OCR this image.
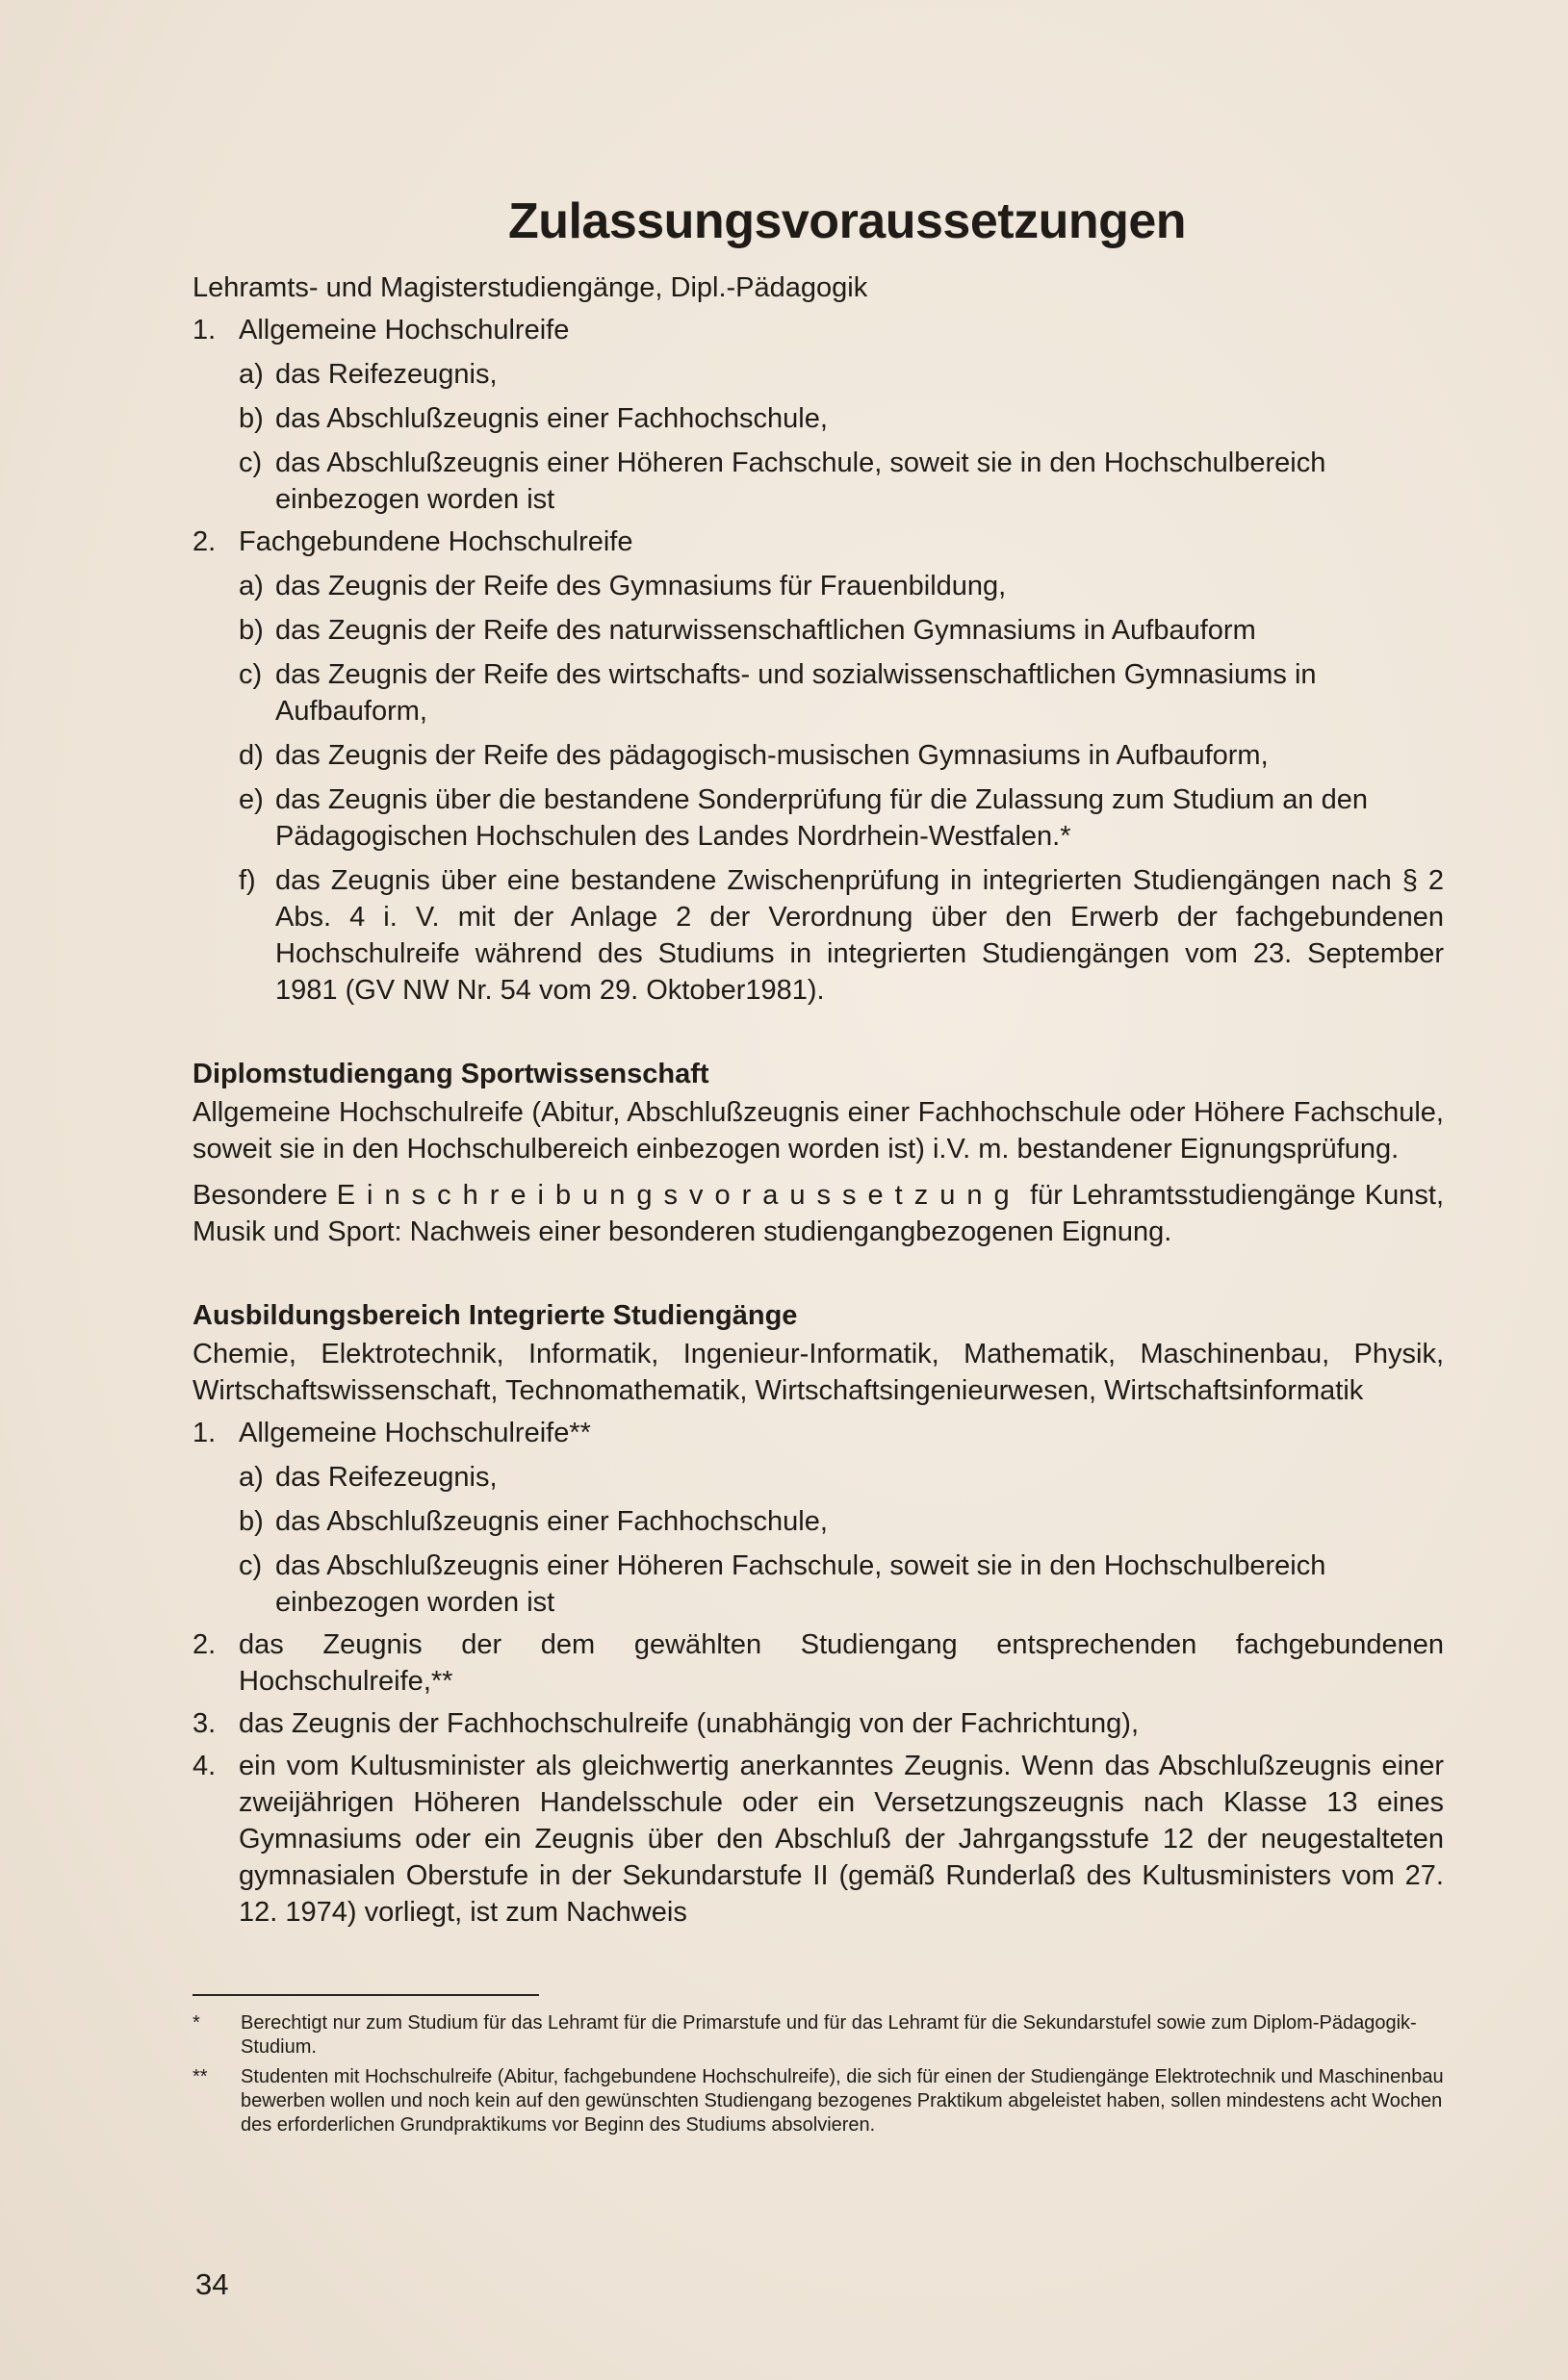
Zulassungsvoraussetzungen
Lehramts- und Magisterstudiengänge, Dipl.-Pädagogik
1. Allgemeine Hochschulreife
a) das Reifezeugnis,
b) das Abschlußzeugnis einer Fachhochschule,
c) das Abschlußzeugnis einer Höheren Fachschule, soweit sie in den Hochschulbereich einbezogen worden ist
2. Fachgebundene Hochschulreife
a) das Zeugnis der Reife des Gymnasiums für Frauenbildung,
b) das Zeugnis der Reife des naturwissenschaftlichen Gymnasiums in Aufbauform
c) das Zeugnis der Reife des wirtschafts- und sozialwissenschaftlichen Gymnasiums in Aufbauform,
d) das Zeugnis der Reife des pädagogisch-musischen Gymnasiums in Aufbauform,
e) das Zeugnis über die bestandene Sonderprüfung für die Zulassung zum Studium an den Pädagogischen Hochschulen des Landes Nordrhein-Westfalen.*
f) das Zeugnis über eine bestandene Zwischenprüfung in integrierten Studiengängen nach § 2 Abs. 4 i. V. mit der Anlage 2 der Verordnung über den Erwerb der fachgebundenen Hochschulreife während des Studiums in integrierten Studiengängen vom 23. September 1981 (GV NW Nr. 54 vom 29. Oktober1981).
Diplomstudiengang Sportwissenschaft
Allgemeine Hochschulreife (Abitur, Abschlußzeugnis einer Fachhochschule oder Höhere Fachschule, soweit sie in den Hochschulbereich einbezogen worden ist) i.V. m. bestandener Eignungsprüfung.
Besondere Einschreibungsvoraussetzung für Lehramtsstudiengänge Kunst, Musik und Sport: Nachweis einer besonderen studiengangbezogenen Eignung.
Ausbildungsbereich Integrierte Studiengänge
Chemie, Elektrotechnik, Informatik, Ingenieur-Informatik, Mathematik, Maschinenbau, Physik, Wirtschaftswissenschaft, Technomathematik, Wirtschaftsingenieurwesen, Wirtschaftsinformatik
1. Allgemeine Hochschulreife**
a) das Reifezeugnis,
b) das Abschlußzeugnis einer Fachhochschule,
c) das Abschlußzeugnis einer Höheren Fachschule, soweit sie in den Hochschulbereich einbezogen worden ist
2. das Zeugnis der dem gewählten Studiengang entsprechenden fachgebundenen Hochschulreife,**
3. das Zeugnis der Fachhochschulreife (unabhängig von der Fachrichtung),
4. ein vom Kultusminister als gleichwertig anerkanntes Zeugnis. Wenn das Abschlußzeugnis einer zweijährigen Höheren Handelsschule oder ein Versetzungszeugnis nach Klasse 13 eines Gymnasiums oder ein Zeugnis über den Abschluß der Jahrgangsstufe 12 der neugestalteten gymnasialen Oberstufe in der Sekundarstufe II (gemäß Runderlaß des Kultusministers vom 27. 12. 1974) vorliegt, ist zum Nachweis
*	Berechtigt nur zum Studium für das Lehramt für die Primarstufe und für das Lehramt für die Sekundarstufel sowie zum Diplom-Pädagogik-Studium.
**	Studenten mit Hochschulreife (Abitur, fachgebundene Hochschulreife), die sich für einen der Studiengänge Elektrotechnik und Maschinenbau bewerben wollen und noch kein auf den gewünschten Studiengang bezogenes Praktikum abgeleistet haben, sollen mindestens acht Wochen des erforderlichen Grundpraktikums vor Beginn des Studiums absolvieren.
34
